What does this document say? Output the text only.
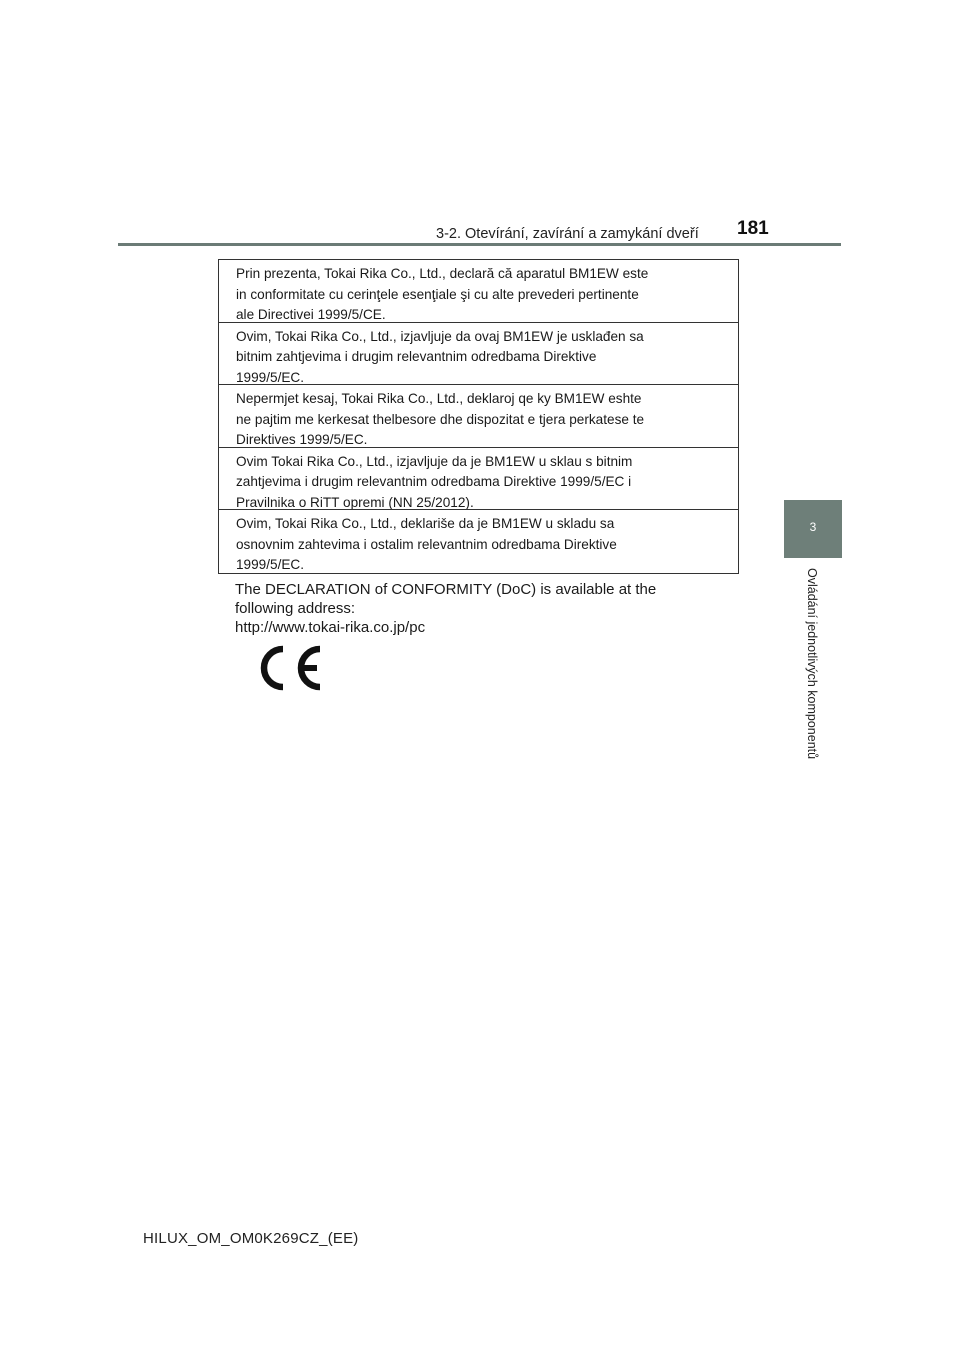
3-2. Otevírání, zavírání a zamykání dveří 181
3
Ovládání jednotlivých komponentů
Prin prezenta, Tokai Rika Co., Ltd., declară că aparatul BM1EW este
in conformitate cu cerinţele esenţiale şi cu alte prevederi pertinente
ale Directivei 1999/5/CE.
Ovim, Tokai Rika Co., Ltd., izjavljuje da ovaj BM1EW je usklađen sa
bitnim zahtjevima i drugim relevantnim odredbama Direktive
1999/5/EC.
Nepermjet kesaj, Tokai Rika Co., Ltd., deklaroj qe ky BM1EW eshte
ne pajtim me kerkesat thelbesore dhe dispozitat e tjera perkatese te
Direktives 1999/5/EC.
Ovim Tokai Rika Co., Ltd., izjavljuje da je BM1EW u sklau s bitnim
zahtjevima i drugim relevantnim odredbama Direktive 1999/5/EC i
Pravilnika o RiTT opremi (NN 25/2012).
Ovim, Tokai Rika Co., Ltd., deklariše da je BM1EW u skladu sa
osnovnim zahtevima i ostalim relevantnim odredbama Direktive
1999/5/EC.
The DECLARATION of CONFORMITY (DoC) is available at the
following address:
http://www.tokai-rika.co.jp/pc
HILUX_OM_OM0K269CZ_(EE)
